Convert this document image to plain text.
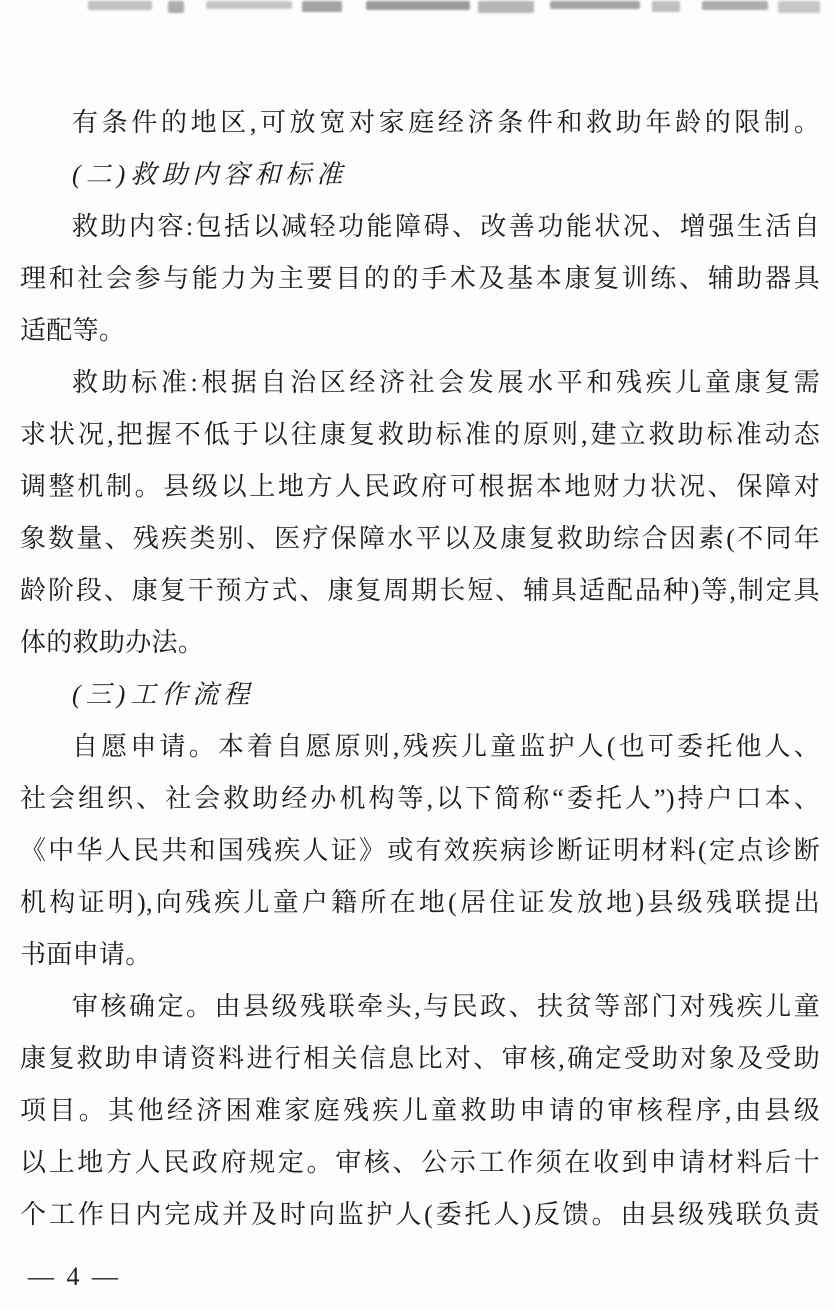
有条件的地区,可放宽对家庭经济条件和救助年龄的限制。
(二)救助内容和标准
救助内容:包括以减轻功能障碍、改善功能状况、增强生活自
理和社会参与能力为主要目的的手术及基本康复训练、辅助器具
适配等。
救助标准:根据自治区经济社会发展水平和残疾儿童康复需
求状况,把握不低于以往康复救助标准的原则,建立救助标准动态
调整机制。县级以上地方人民政府可根据本地财力状况、保障对
象数量、残疾类别、医疗保障水平以及康复救助综合因素(不同年
龄阶段、康复干预方式、康复周期长短、辅具适配品种)等,制定具
体的救助办法。
(三)工作流程
自愿申请。本着自愿原则,残疾儿童监护人(也可委托他人、
社会组织、社会救助经办机构等,以下简称“委托人”)持户口本、
《中华人民共和国残疾人证》或有效疾病诊断证明材料(定点诊断
机构证明),向残疾儿童户籍所在地(居住证发放地)县级残联提出
书面申请。
审核确定。由县级残联牵头,与民政、扶贫等部门对残疾儿童
康复救助申请资料进行相关信息比对、审核,确定受助对象及受助
项目。其他经济困难家庭残疾儿童救助申请的审核程序,由县级
以上地方人民政府规定。审核、公示工作须在收到申请材料后十
个工作日内完成并及时向监护人(委托人)反馈。由县级残联负责
— 4 —
